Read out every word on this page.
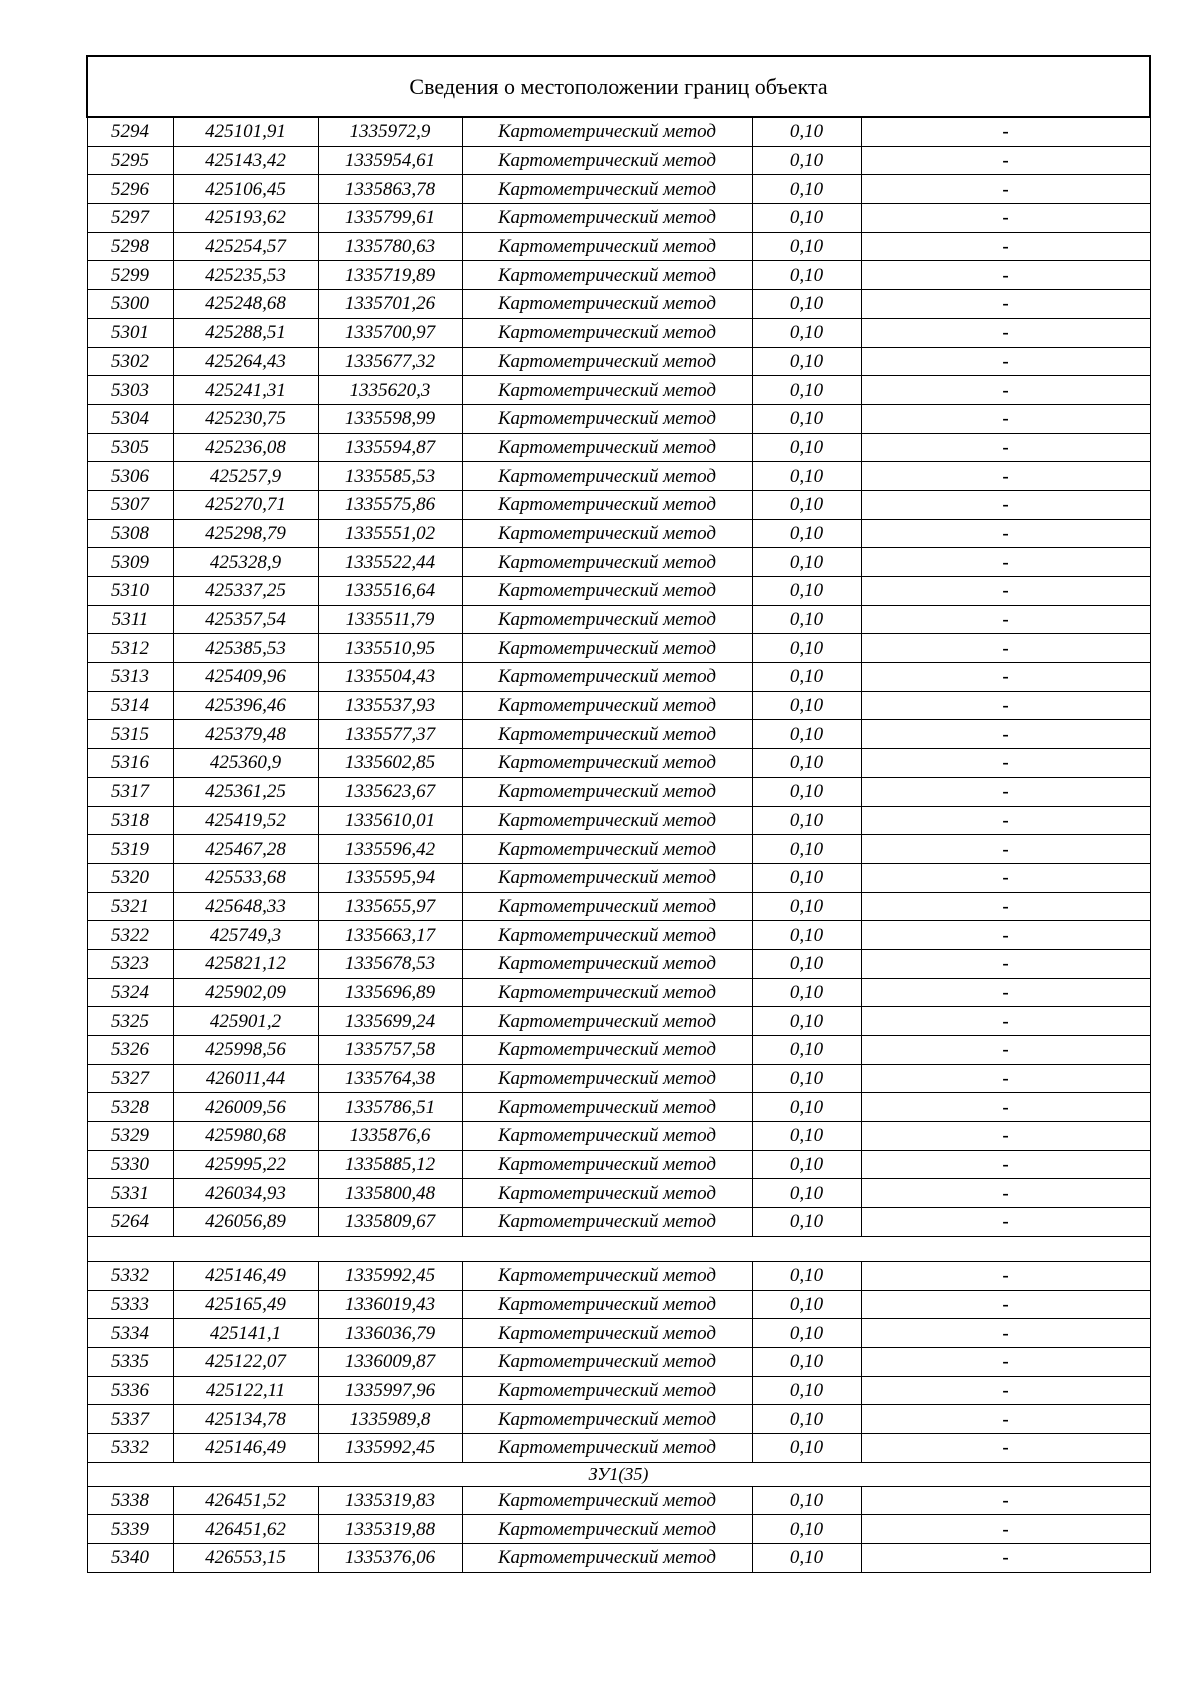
Сведения о местоположении границ объекта					
5294	425101,91	1335972,9	Картометрический метод	0,10	-
5295	425143,42	1335954,61	Картометрический метод	0,10	-
5296	425106,45	1335863,78	Картометрический метод	0,10	-
5297	425193,62	1335799,61	Картометрический метод	0,10	-
5298	425254,57	1335780,63	Картометрический метод	0,10	-
5299	425235,53	1335719,89	Картометрический метод	0,10	-
5300	425248,68	1335701,26	Картометрический метод	0,10	-
5301	425288,51	1335700,97	Картометрический метод	0,10	-
5302	425264,43	1335677,32	Картометрический метод	0,10	-
5303	425241,31	1335620,3	Картометрический метод	0,10	-
5304	425230,75	1335598,99	Картометрический метод	0,10	-
5305	425236,08	1335594,87	Картометрический метод	0,10	-
5306	425257,9	1335585,53	Картометрический метод	0,10	-
5307	425270,71	1335575,86	Картометрический метод	0,10	-
5308	425298,79	1335551,02	Картометрический метод	0,10	-
5309	425328,9	1335522,44	Картометрический метод	0,10	-
5310	425337,25	1335516,64	Картометрический метод	0,10	-
5311	425357,54	1335511,79	Картометрический метод	0,10	-
5312	425385,53	1335510,95	Картометрический метод	0,10	-
5313	425409,96	1335504,43	Картометрический метод	0,10	-
5314	425396,46	1335537,93	Картометрический метод	0,10	-
5315	425379,48	1335577,37	Картометрический метод	0,10	-
5316	425360,9	1335602,85	Картометрический метод	0,10	-
5317	425361,25	1335623,67	Картометрический метод	0,10	-
5318	425419,52	1335610,01	Картометрический метод	0,10	-
5319	425467,28	1335596,42	Картометрический метод	0,10	-
5320	425533,68	1335595,94	Картометрический метод	0,10	-
5321	425648,33	1335655,97	Картометрический метод	0,10	-
5322	425749,3	1335663,17	Картометрический метод	0,10	-
5323	425821,12	1335678,53	Картометрический метод	0,10	-
5324	425902,09	1335696,89	Картометрический метод	0,10	-
5325	425901,2	1335699,24	Картометрический метод	0,10	-
5326	425998,56	1335757,58	Картометрический метод	0,10	-
5327	426011,44	1335764,38	Картометрический метод	0,10	-
5328	426009,56	1335786,51	Картометрический метод	0,10	-
5329	425980,68	1335876,6	Картометрический метод	0,10	-
5330	425995,22	1335885,12	Картометрический метод	0,10	-
5331	426034,93	1335800,48	Картометрический метод	0,10	-
5264	426056,89	1335809,67	Картометрический метод	0,10	-

5332	425146,49	1335992,45	Картометрический метод	0,10	-
5333	425165,49	1336019,43	Картометрический метод	0,10	-
5334	425141,1	1336036,79	Картометрический метод	0,10	-
5335	425122,07	1336009,87	Картометрический метод	0,10	-
5336	425122,11	1335997,96	Картометрический метод	0,10	-
5337	425134,78	1335989,8	Картометрический метод	0,10	-
5332	425146,49	1335992,45	Картометрический метод	0,10	-
ЗУ1(35)					
5338	426451,52	1335319,83	Картометрический метод	0,10	-
5339	426451,62	1335319,88	Картометрический метод	0,10	-
5340	426553,15	1335376,06	Картометрический метод	0,10	-
